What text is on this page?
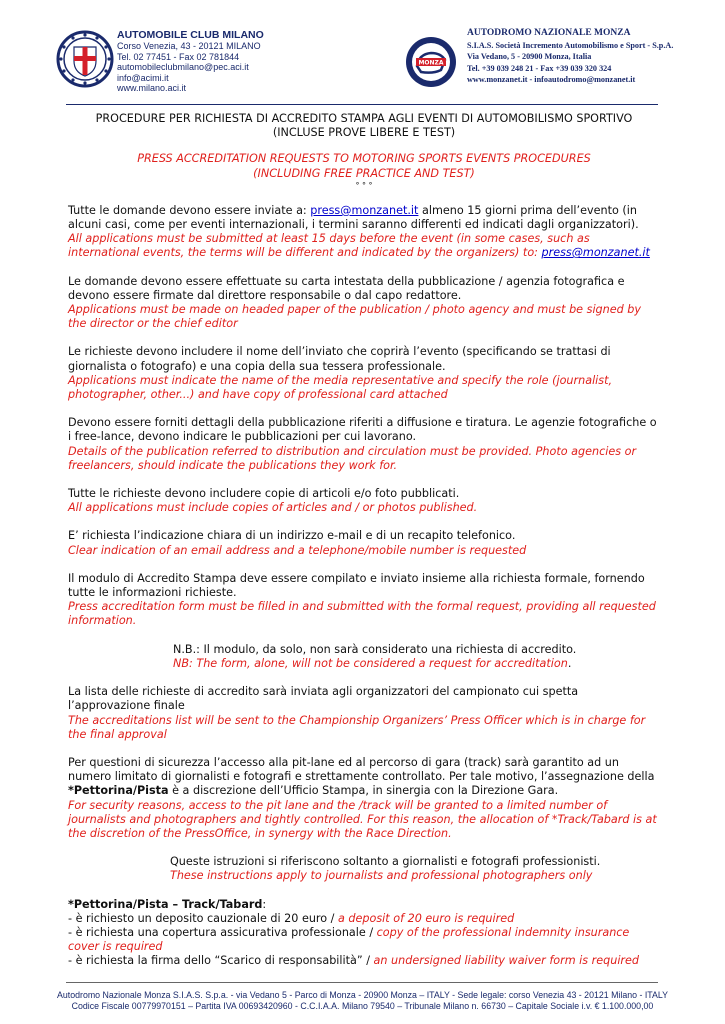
AUTOMOBILE CLUB MILANO
Corso Venezia, 43 - 20121 MILANO
Tel. 02 77451 - Fax 02 781844
automobileclubmilano@pec.aci.it
info@acimi.it
www.milano.aci.it
MONZA
AUTODROMO NAZIONALE MONZA
S.I.A.S. Società Incremento Automobilismo e Sport - S.p.A.
Via Vedano, 5 - 20900 Monza, Italia
Tel. +39 039 248 21 - Fax +39 039 320 324
www.monzanet.it - infoautodromo@monzanet.it

PROCEDURE PER RICHIESTA DI ACCREDITO STAMPA AGLI EVENTI DI AUTOMOBILISMO SPORTIVO

(INCLUSE PROVE LIBERE E TEST)

PRESS ACCREDITATION REQUESTS TO MOTORING SPORTS EVENTS PROCEDURES

(INCLUDING FREE PRACTICE AND TEST)

° ° °

Tutte le domande devono essere inviate a: press@monzanet.it almeno 15 giorni prima dell’evento (in alcuni casi, come per eventi internazionali, i termini saranno differenti ed indicati dagli organizzatori).

All applications must be submitted at least 15 days before the event (in some cases, such as international events, the terms will be different and indicated by the organizers) to: press@monzanet.it

Le domande devono essere effettuate su carta intestata della pubblicazione / agenzia fotografica e devono essere firmate dal direttore responsabile o dal capo redattore.

Applications must be made on headed paper of the publication / photo agency and must be signed by the director or the chief editor

Le richieste devono includere il nome dell’inviato che coprirà l’evento (specificando se trattasi di giornalista o fotografo) e una copia della sua tessera professionale.

Applications must indicate the name of the media representative and specify the role (journalist, photographer, other...) and have copy of professional card attached

Devono essere forniti dettagli della pubblicazione riferiti a diffusione e tiratura. Le agenzie fotografiche o i free-lance, devono indicare le pubblicazioni per cui lavorano.

Details of the publication referred to distribution and circulation must be provided. Photo agencies or freelancers, should indicate the publications they work for.

Tutte le richieste devono includere copie di articoli e/o foto pubblicati.

All applications must include copies of articles and / or photos published.

E’ richiesta l’indicazione chiara di un indirizzo e-mail e di un recapito telefonico.

Clear indication of an email address and a telephone/mobile number is requested

Il modulo di Accredito Stampa deve essere compilato e inviato insieme alla richiesta formale, fornendo tutte le informazioni richieste.

Press accreditation form must be filled in and submitted with the formal request, providing all requested information.

N.B.: Il modulo, da solo, non sarà considerato una richiesta di accredito.

NB: The form, alone, will not be considered a request for accreditation.

La lista delle richieste di accredito sarà inviata agli organizzatori del campionato cui spetta l’approvazione finale

The accreditations list will be sent to the Championship Organizers’ Press Officer which is in charge for the final approval

Per questioni di sicurezza l’accesso alla pit-lane ed al percorso di gara (track) sarà garantito ad un numero limitato di giornalisti e fotografi e strettamente controllato. Per tale motivo, l’assegnazione della *Pettorina/Pista è a discrezione dell’Ufficio Stampa, in sinergia con la Direzione Gara.

For security reasons, access to the pit lane and the /track will be granted to a limited number of journalists and photographers and tightly controlled. For this reason, the allocation of *Track/Tabard is at the discretion of the PressOffice, in synergy with the Race Direction.

Queste istruzioni si riferiscono soltanto a giornalisti e fotografi professionisti.

These instructions apply to journalists and professional photographers only

*Pettorina/Pista – Track/Tabard:

- è richiesto un deposito cauzionale di 20 euro / a deposit of 20 euro is required

- è richiesta una copertura assicurativa professionale / copy of the professional indemnity insurance cover is required

- è richiesta la firma dello “Scarico di responsabilità” / an undersigned liability waiver form is required

Autodromo Nazionale Monza S.I.A.S. S.p.a. - via Vedano 5 - Parco di Monza - 20900 Monza – ITALY - Sede legale: corso Venezia 43 - 20121 Milano - ITALY
Codice Fiscale 00779970151 – Partita IVA 00693420960 - C.C.I.A.A. Milano 79540 – Tribunale Milano n. 66730 – Capitale Sociale i.v. € 1.100.000,00
